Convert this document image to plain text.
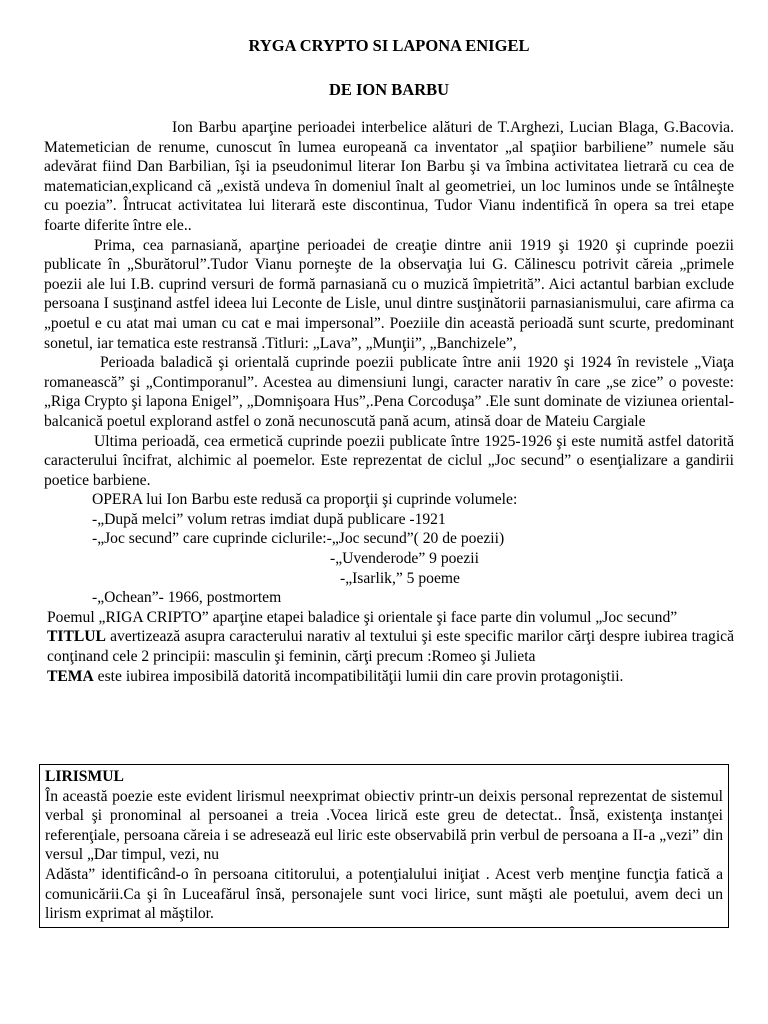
RYGA CRYPTO SI LAPONA ENIGEL
DE ION BARBU

Ion Barbu aparţine perioadei interbelice alături de T.Arghezi, Lucian Blaga, G.Bacovia. Matemetician de renume, cunoscut în lumea europeană ca inventator „al spaţiior barbiliene” numele său adevărat fiind Dan Barbilian, îşi ia pseudonimul literar Ion Barbu şi va îmbina activitatea lietrară cu cea de matematician,explicand că „există undeva în domeniul înalt al geometriei, un loc luminos unde se întâlneşte cu poezia”. Întrucat activitatea lui literară este discontinua, Tudor Vianu indentifică în opera sa trei etape foarte diferite între ele..

Prima, cea parnasiană, aparţine perioadei de creaţie dintre anii 1919 şi 1920 şi cuprinde poezii publicate în „Sburătorul”.Tudor Vianu porneşte de la observaţia lui G. Călinescu potrivit căreia „primele poezii ale lui I.B. cuprind versuri de formă parnasiană cu o muzică împietrită”. Aici actantul barbian exclude persoana I susţinand astfel ideea lui Leconte de Lisle, unul dintre susţinătorii parnasianismului, care afirma ca „poetul e cu atat mai uman cu cat e mai impersonal”. Poeziile din această perioadă sunt scurte, predominant sonetul, iar tematica este restransă .Titluri: „Lava”, „Munţii”, „Banchizele”,

Perioada baladică şi orientală cuprinde poezii publicate între anii 1920 şi 1924 în revistele „Viaţa romanească” şi „Contimporanul”. Acestea au dimensiuni lungi, caracter narativ în care „se zice” o poveste: „Riga Crypto şi lapona Enigel”, „Domnişoara Hus”,.Pena Corcoduşa” .Ele sunt dominate de viziunea oriental-balcanică poetul explorand astfel o zonă necunoscută pană acum, atinsă doar de Mateiu Cargiale

Ultima perioadă, cea ermetică cuprinde poezii publicate între 1925-1926 şi este numită astfel datorită caracterului încifrat, alchimic al poemelor. Este reprezentat de ciclul „Joc secund” o esenţializare a gandirii poetice barbiene.

OPERA lui Ion Barbu este redusă ca proporţii şi cuprinde volumele:
-„După melci” volum retras imdiat după publicare -1921
-„Joc secund” care cuprinde ciclurile:-„Joc secund”( 20 de poezii)
-„Uvenderode” 9 poezii
-„Isarlik,” 5 poeme
-„Ochean”- 1966, postmortem

Poemul „RIGA CRIPTO” aparţine etapei baladice şi orientale şi face parte din volumul „Joc secund”

TITLUL avertizează asupra caracterului narativ al textului şi este specific marilor cărţi despre iubirea tragică conţinand cele 2 principii: masculin şi feminin, cărţi precum :Romeo şi Julieta

TEMA este iubirea imposibilă datorită incompatibilităţii lumii din care provin protagoniştii.

LIRISMUL

În această poezie este evident lirismul neexprimat obiectiv printr-un deixis personal reprezentat de sistemul verbal şi pronominal al persoanei a treia .Vocea lirică este greu de detectat.. Însă, existenţa instanţei referenţiale, persoana căreia i se adresează eul liric este observabilă prin verbul de persoana a II-a „vezi” din versul „Dar timpul, vezi, nu

Adăsta” identificând-o în persoana cititorului, a potenţialului iniţiat . Acest verb menţine funcţia fatică a comunicării.Ca şi în Luceafărul însă, personajele sunt voci lirice, sunt măşti ale poetului, avem deci un lirism exprimat al măştilor.
